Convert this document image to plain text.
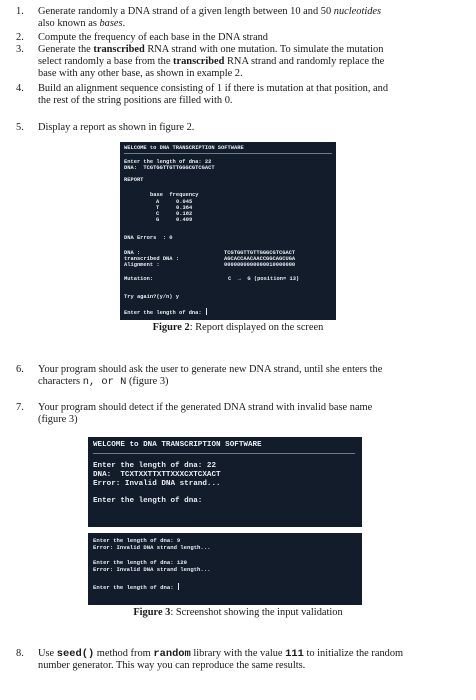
1.	Generate randomly a DNA strand of a given length between 10 and 50 nucleotides
also known as bases.
2.	Compute the frequency of each base in the DNA strand
3.	Generate the transcribed RNA strand with one mutation. To simulate the mutation
select randomly a base from the transcribed RNA strand and randomly replace the
base with any other base, as shown in example 2.
4.	Build an alignment sequence consisting of 1 if there is mutation at that position, and
the rest of the string positions are filled with 0.
5.	Display a report as shown in figure 2.
WELCOME to DNA TRANSCRIPTION SOFTWARE
Enter the length of dna: 22
DNA:  TCGTGGTTGTTGGGCGTCGACT
REPORT
base  frequency
A	0.045
T	0.364
C	0.182
G	0.409
DNA Errors  : 0
DNA :	TCGTGGTTGTTGGGCGTCGACT
transcribed DNA :	AGCACCAACAACCGGCAGCUGA
Alignment :	0000000000000010000000
Mutation:	C  →  G (position= 13)
Try again?(y/n) y
Enter the length of dna:
Figure 2: Report displayed on the screen
6.	Your program should ask the user to generate new DNA strand, until she enters the
characters n, or N (figure 3)
7.	Your program should detect if the generated DNA strand with invalid base name
(figure 3)
WELCOME to DNA TRANSCRIPTION SOFTWARE
Enter the length of dna: 22
DNA:  TCXTXXTTXTTXXXCXTCXACT
Error: Invalid DNA strand...
Enter the length of dna:
Enter the length of dna: 9
Error: Invalid DNA strand length...
Enter the length of dna: 120
Error: Invalid DNA strand length...
Enter the length of dna:
Figure 3: Screenshot showing the input validation
8.	Use seed() method from random library with the value 111 to initialize the random
number generator. This way you can reproduce the same results.
